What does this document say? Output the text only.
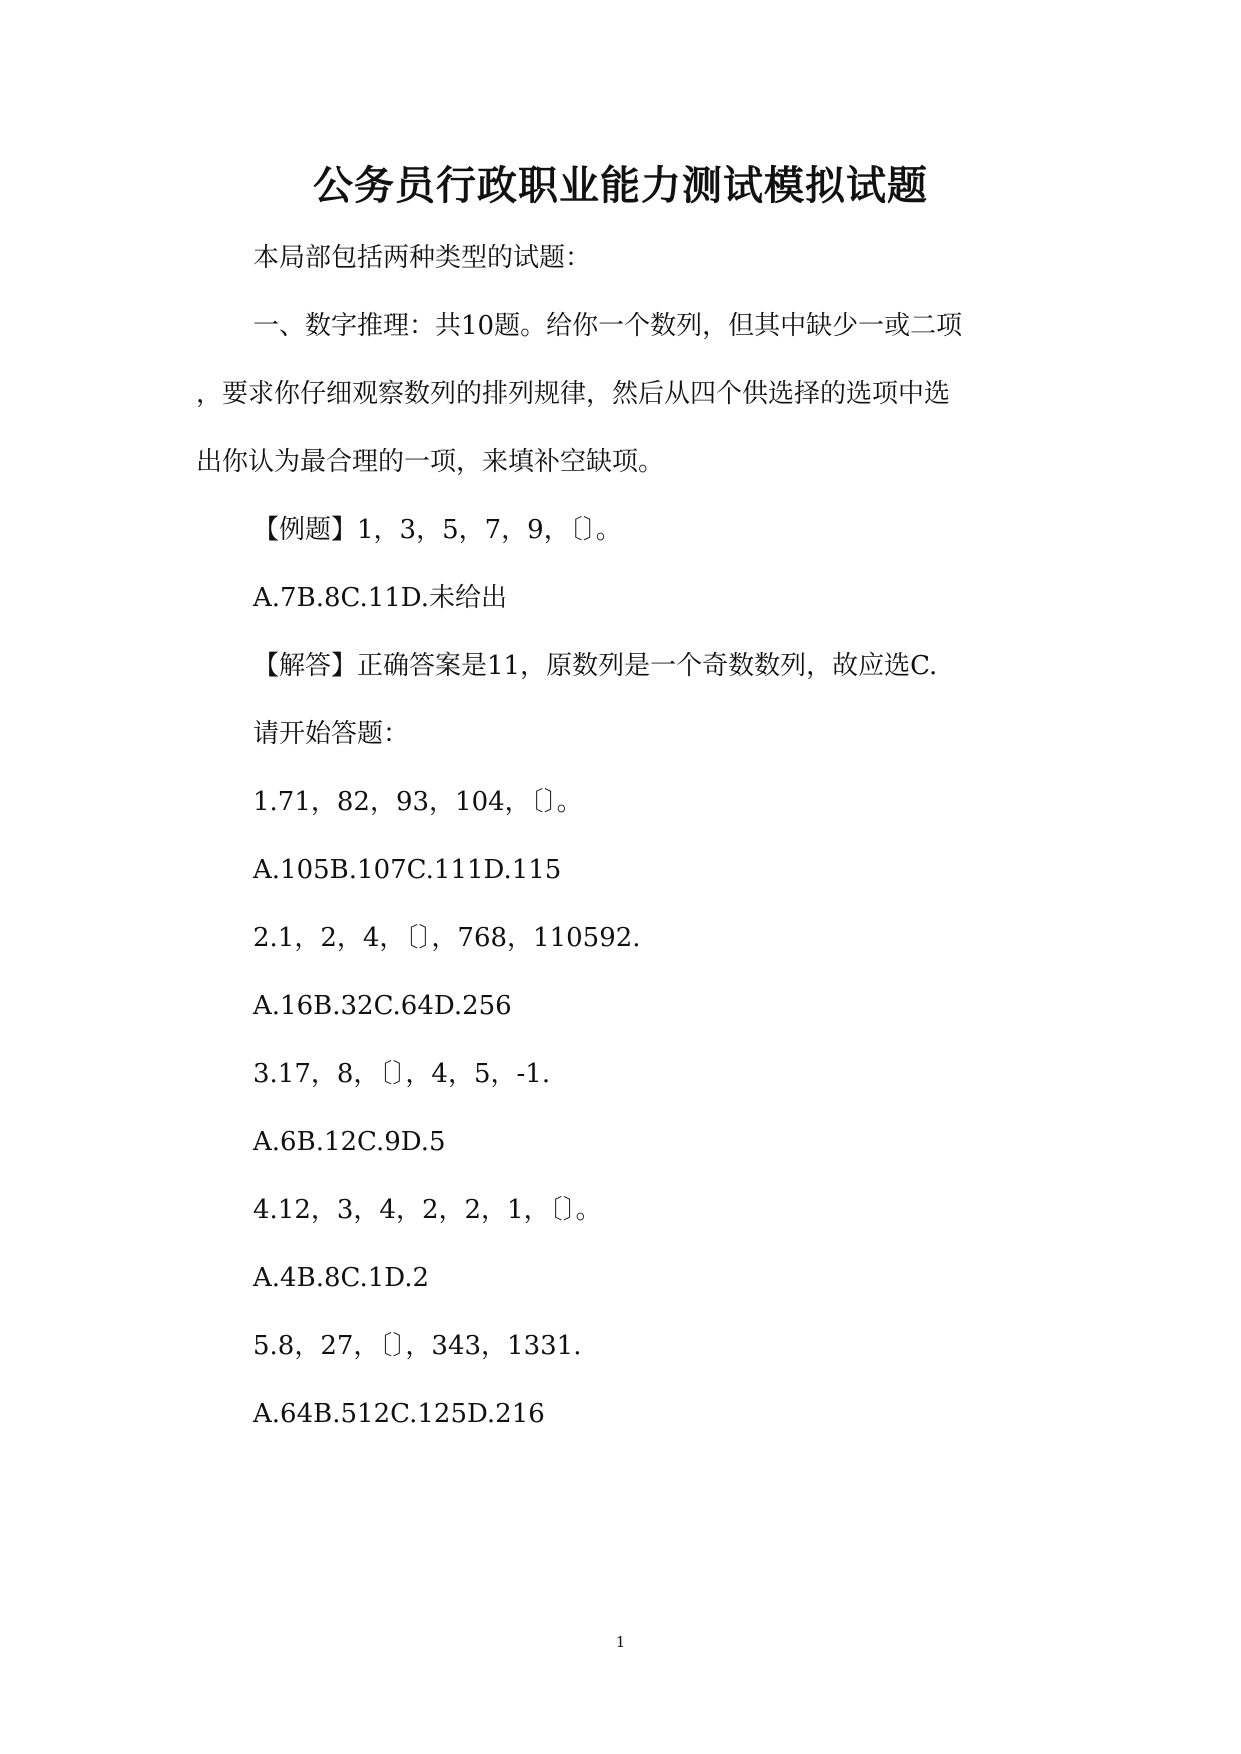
公务员行政职业能力测试模拟试题

本局部包括两种类型的试题：

一、数字推理：共10题。给你一个数列，但其中缺少一或二项

，要求你仔细观察数列的排列规律，然后从四个供选择的选项中选

出你认为最合理的一项，来填补空缺项。

【例题】1，3，5，7，9，〔〕。

A.7B.8C.11D.未给出

【解答】正确答案是11，原数列是一个奇数数列，故应选C.

请开始答题：

1.71，82，93，104，〔〕。

A.105B.107C.111D.115

2.1，2，4，〔〕，768，110592.

A.16B.32C.64D.256

3.17，8，〔〕，4，5，-1.

A.6B.12C.9D.5

4.12，3，4，2，2，1，〔〕。

A.4B.8C.1D.2

5.8，27，〔〕，343，1331.

A.64B.512C.125D.216

1
